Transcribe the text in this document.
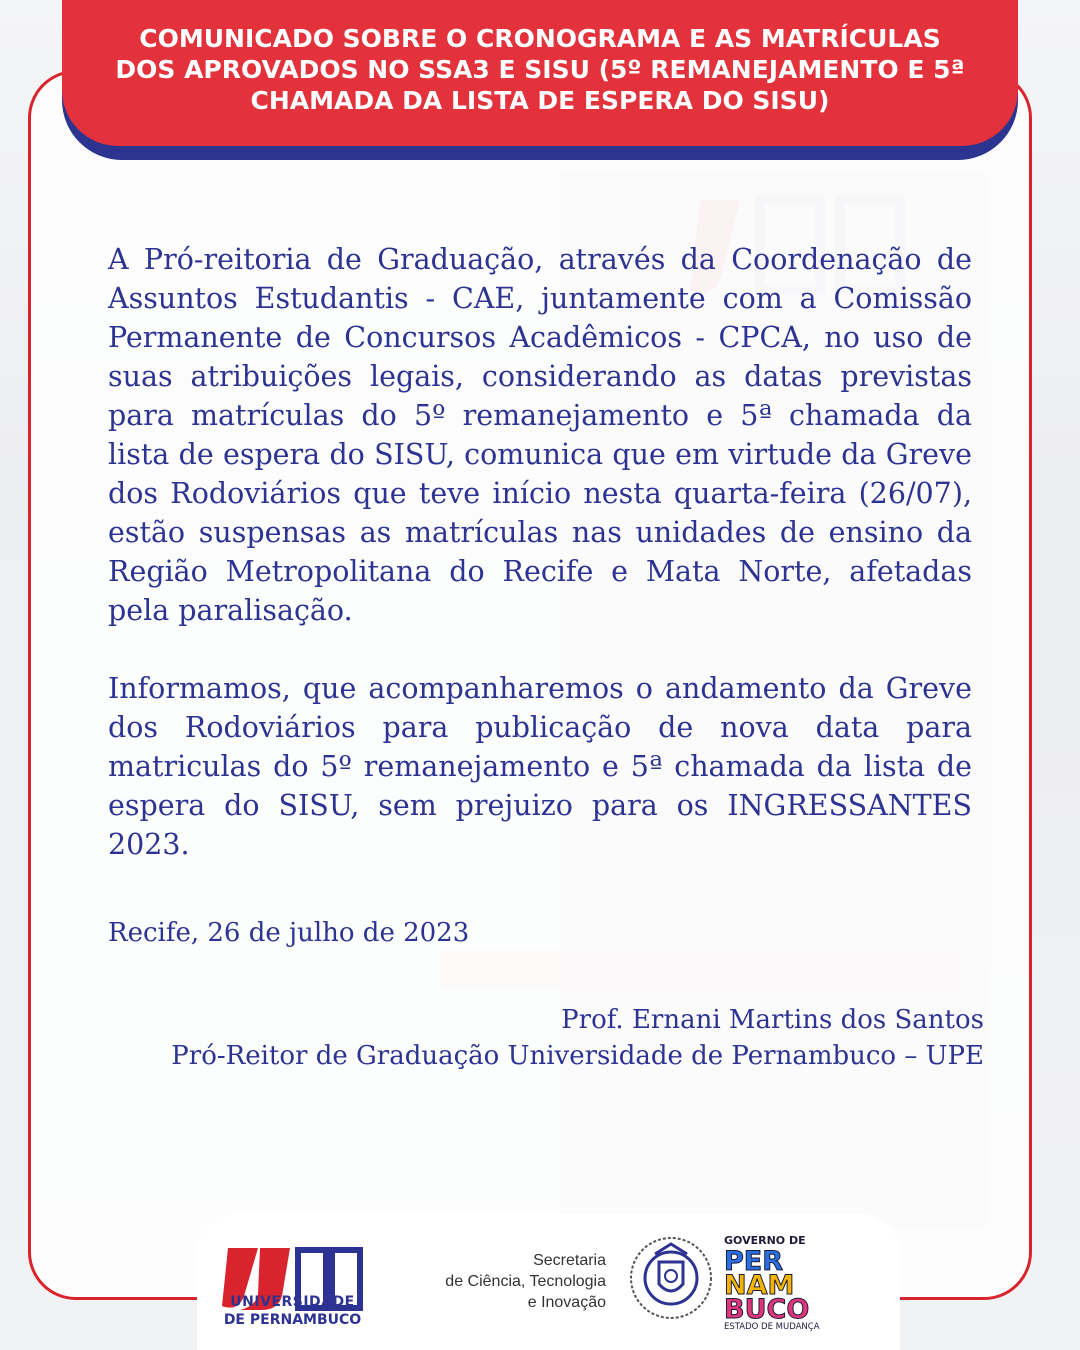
COMUNICADO SOBRE O CRONOGRAMA E AS MATRÍCULAS DOS APROVADOS NO SSA3 E SISU (5º REMANEJAMENTO E 5ª CHAMADA DA LISTA DE ESPERA DO SISU)

A Pró-reitoria de Graduação, através da Coordenação de Assuntos Estudantis - CAE, juntamente com a Comissão Permanente de Concursos Acadêmicos - CPCA, no uso de suas atribuições legais, considerando as datas previstas para matrículas do 5º remanejamento e 5ª chamada da lista de espera do SISU, comunica que em virtude da Greve dos Rodoviários que teve início nesta quarta-feira (26/07), estão suspensas as matrículas nas unidades de ensino da Região Metropolitana do Recife e Mata Norte, afetadas pela paralisação.

Informamos, que acompanharemos o andamento da Greve dos Rodoviários para publicação de nova data para matriculas do 5º remanejamento e 5ª chamada da lista de espera do SISU, sem prejuizo para os INGRESSANTES 2023.

Recife, 26 de julho de 2023
Prof. Ernani Martins dos Santos
Pró-Reitor de Graduação Universidade de Pernambuco – UPE
UPE
UNIVERSIDADE
DE PERNAMBUCO
Secretaria
de Ciência, Tecnologia
e Inovação
GOVERNO DE
PER
NAM
BUCO
ESTADO DE MUDANÇA
